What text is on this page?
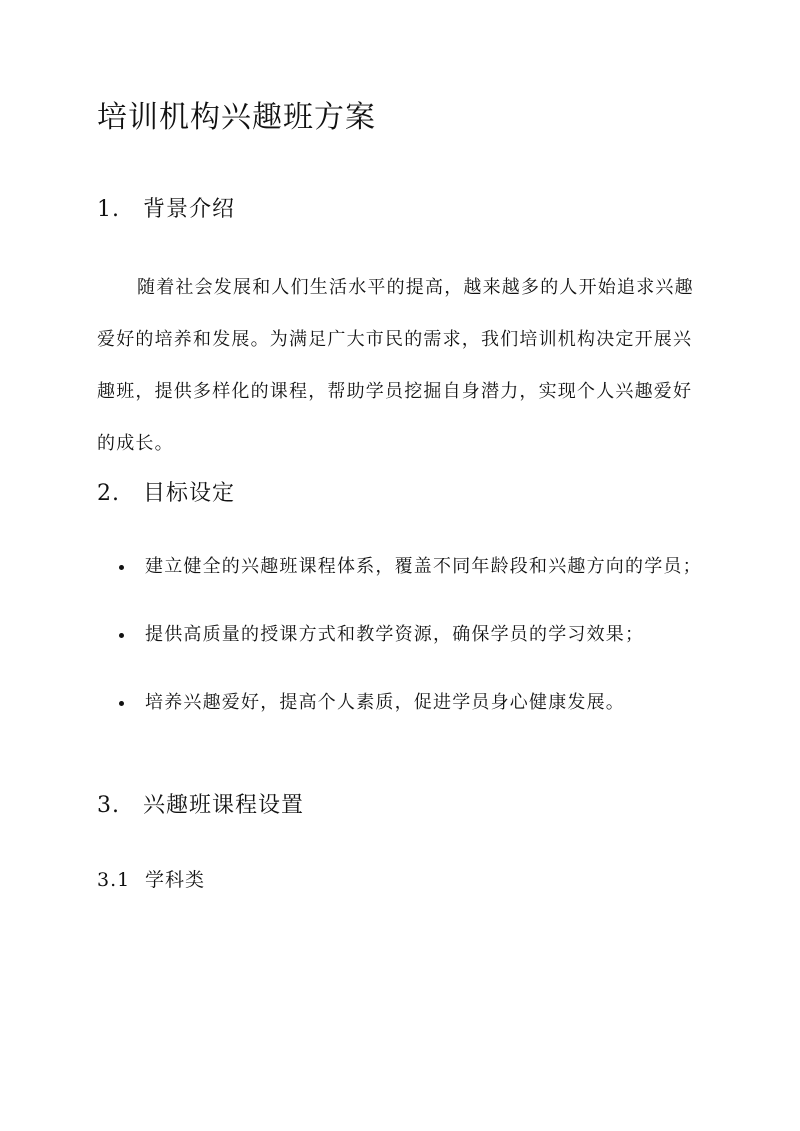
培训机构兴趣班方案
1. 背景介绍

随着社会发展和人们生活水平的提高，越来越多的人开始追求兴趣爱好的培养和发展。为满足广大市民的需求，我们培训机构决定开展兴趣班，提供多样化的课程，帮助学员挖掘自身潜力，实现个人兴趣爱好的成长。

2. 目标设定
建立健全的兴趣班课程体系，覆盖不同年龄段和兴趣方向的学员；
提供高质量的授课方式和教学资源，确保学员的学习效果；
培养兴趣爱好，提高个人素质，促进学员身心健康发展。
3. 兴趣班课程设置
3.1 学科类
